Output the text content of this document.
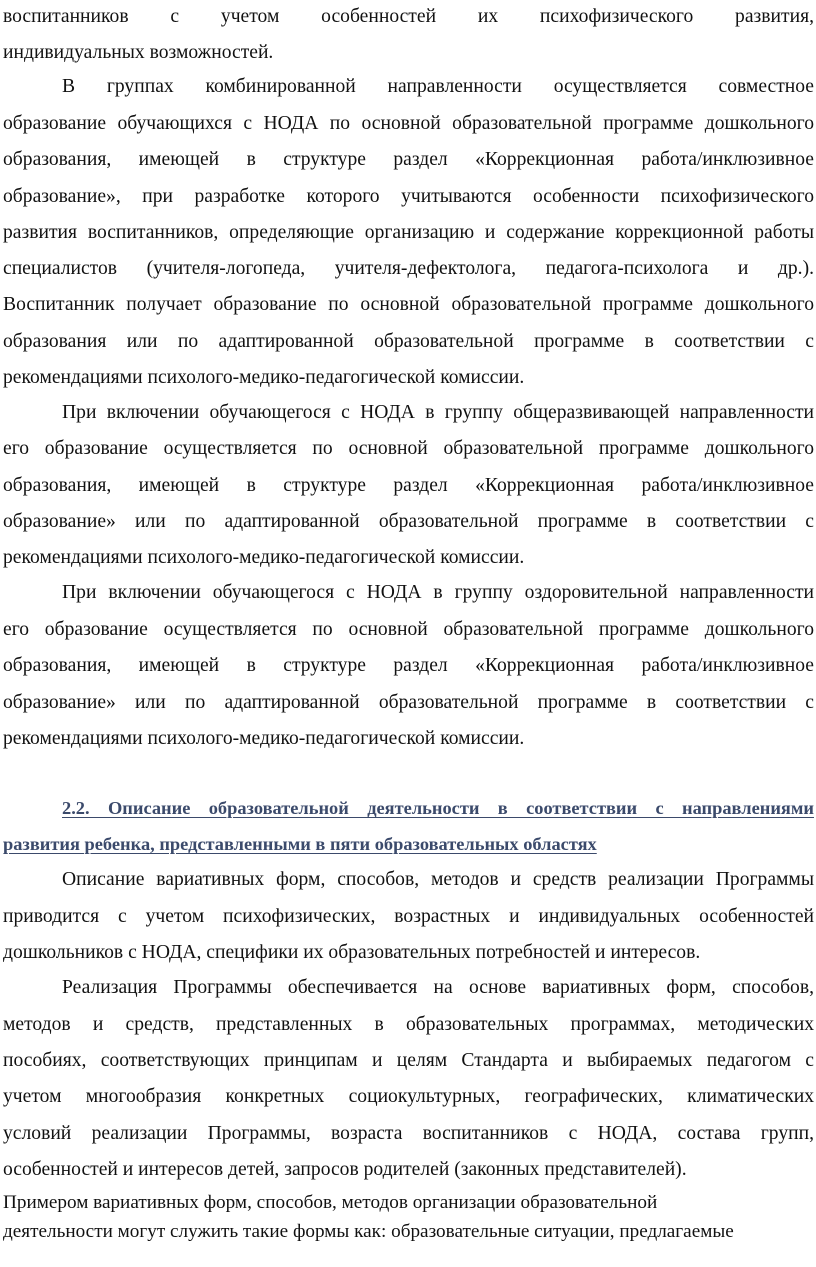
воспитанников с учетом особенностей их психофизического развития,
индивидуальных возможностей.
В группах комбинированной направленности осуществляется совместное
образование обучающихся с НОДА по основной образовательной программе дошкольного
образования, имеющей в структуре раздел «Коррекционная работа/инклюзивное
образование», при разработке которого учитываются особенности психофизического
развития воспитанников, определяющие организацию и содержание коррекционной работы
специалистов (учителя-логопеда, учителя-дефектолога, педагога-психолога и др.).
Воспитанник получает образование по основной образовательной программе дошкольного
образования или по адаптированной образовательной программе в соответствии с
рекомендациями психолого-медико-педагогической комиссии.
При включении обучающегося с НОДА в группу общеразвивающей направленности
его образование осуществляется по основной образовательной программе дошкольного
образования, имеющей в структуре раздел «Коррекционная работа/инклюзивное
образование» или по адаптированной образовательной программе в соответствии с
рекомендациями психолого-медико-педагогической комиссии.
При включении обучающегося с НОДА в группу оздоровительной направленности
его образование осуществляется по основной образовательной программе дошкольного
образования, имеющей в структуре раздел «Коррекционная работа/инклюзивное
образование» или по адаптированной образовательной программе в соответствии с
рекомендациями психолого-медико-педагогической комиссии.
2.2. Описание образовательной деятельности в соответствии с направлениями
развития ребенка, представленными в пяти образовательных областях
Описание вариативных форм, способов, методов и средств реализации Программы
приводится с учетом психофизических, возрастных и индивидуальных особенностей
дошкольников с НОДА, специфики их образовательных потребностей и интересов.
Реализация Программы обеспечивается на основе вариативных форм, способов,
методов и средств, представленных в образовательных программах, методических
пособиях, соответствующих принципам и целям Стандарта и выбираемых педагогом с
учетом многообразия конкретных социокультурных, географических, климатических
условий реализации Программы, возраста воспитанников с НОДА, состава групп,
особенностей и интересов детей, запросов родителей (законных представителей).
Примером вариативных форм, способов, методов организации образовательной
деятельности могут служить такие формы как: образовательные ситуации, предлагаемые
